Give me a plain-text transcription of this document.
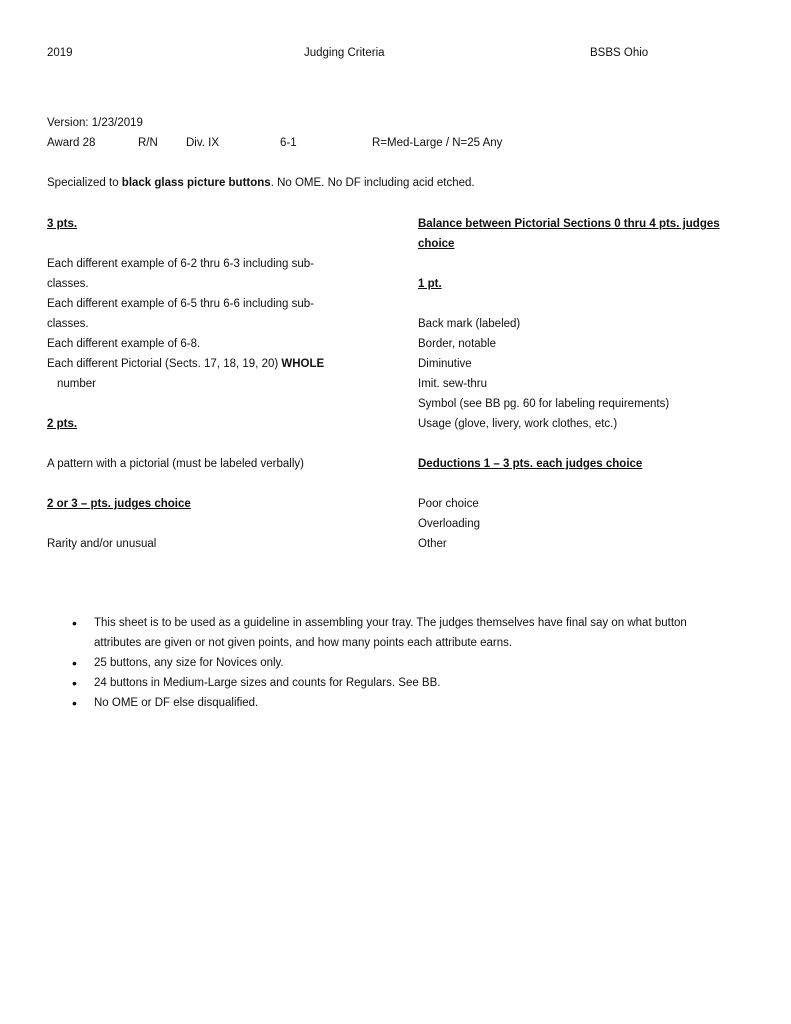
2019	Judging Criteria	BSBS Ohio
Version: 1/23/2019
Award 28	R/N Div. IX	6-1	R=Med-Large / N=25 Any
Specialized to black glass picture buttons. No OME. No DF including acid etched.
3 pts.
Each different example of 6-2 thru 6-3 including sub-
classes.
Each different example of 6-5 thru 6-6 including sub-
classes.
Each different example of 6-8.
Each different Pictorial (Sects. 17, 18, 19, 20) WHOLE
number
2 pts.
A pattern with a pictorial (must be labeled verbally)
2 or 3 – pts. judges choice
Rarity and/or unusual
Balance between Pictorial Sections 0 thru 4 pts. judges
choice
1 pt.
Back mark (labeled)
Border, notable
Diminutive
Imit. sew-thru
Symbol (see BB pg. 60 for labeling requirements)
Usage (glove, livery, work clothes, etc.)
Deductions 1 – 3 pts. each judges choice
Poor choice
Overloading
Other
• This sheet is to be used as a guideline in assembling your tray. The judges themselves have final say on what button attributes are given or not given points, and how many points each attribute earns.
• 25 buttons, any size for Novices only.
• 24 buttons in Medium-Large sizes and counts for Regulars. See BB.
• No OME or DF else disqualified.
